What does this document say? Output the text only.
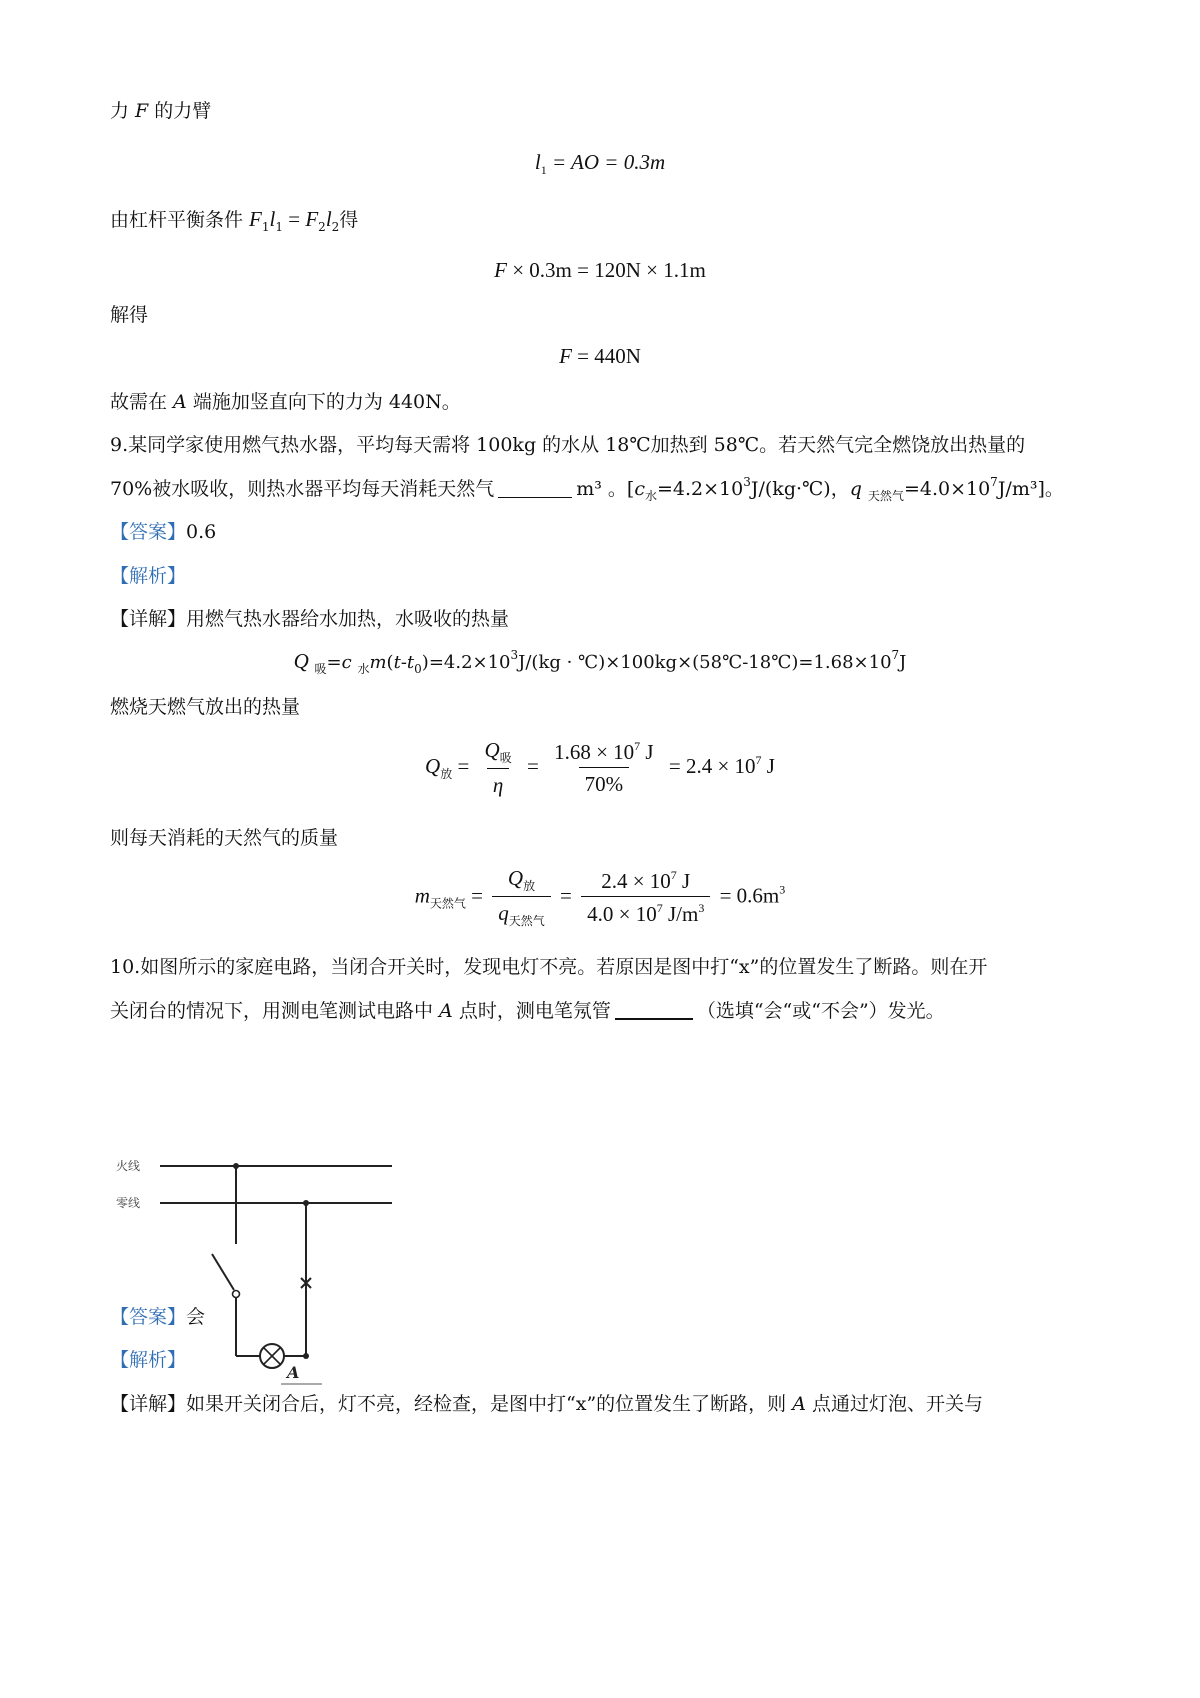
力 F 的力臂
$l_1$ = AO = 0.3m
由杠杆平衡条件 $F_1l_1 = F_2l_2$得
F × 0.3m = 120N × 1.1m
解得
F = 440N
故需在 A 端施加竖直向下的力为 440N。
9.某同学家使用燃气热水器，平均每天需将 100kg 的水从 18℃加热到 58℃。若天然气完全燃饶放出热量的
70%被水吸收，则热水器平均每天消耗天然气	m³ 。[$c_水=4.2\times 10^3J/(kg\cdot℃)$，q $_{天然气}=4.0\times 10^7J/m^3$]。
【答案】0.6
【解析】
【详解】用燃气热水器给水加热，水吸收的热量
Q $_吸$=c $_水m(t-t_0)=4.2\times 10^3J/(kg$ · $℃)\times 100kg\times(58℃-18℃)=1.68\times 10^7J$
燃烧天燃气放出的热量
$Q_放 = \frac{Q_吸}{\eta} = \frac{1.68 \times 10^7 J}{70\%} = 2.4 \times 10^7$ J
则每天消耗的天然气的质量
$m_{天然气} = \frac{Q_放}{q_{天然气}} = \frac{2.4 \times 10^7 J}{4.0 \times 10^7 J/m^3} = 0.6m^3$
10.如图所示的家庭电路，当闭合开关时，发现电灯不亮。若原因是图中打“x”的位置发生了断路。则在开
关闭台的情况下，用测电笔测试电路中 A 点时，测电笔氖管	（选填“会“或“不会”）发光。
火线
零线
A
【答案】会
【解析】
【详解】如果开关闭合后，灯不亮，经检查，是图中打“x”的位置发生了断路，则 A 点通过灯泡、开关与
